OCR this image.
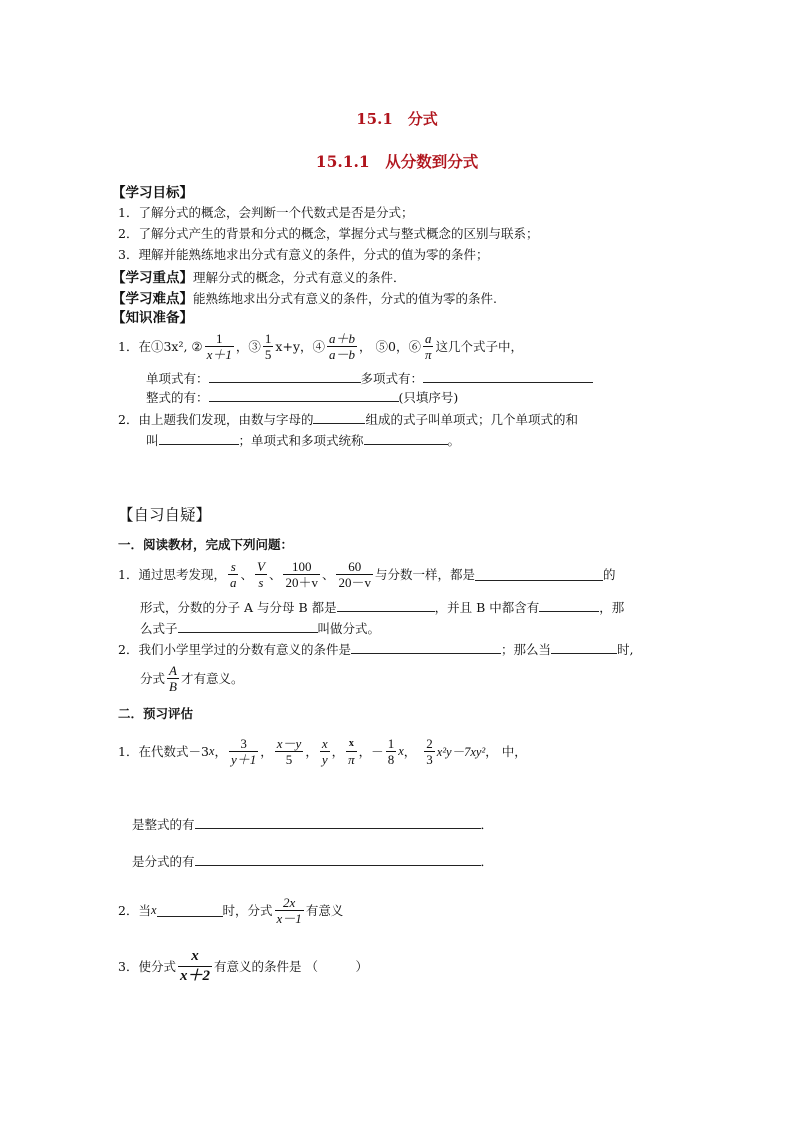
15.1　分式
15.1.1　从分数到分式
【学习目标】
1．了解分式的概念，会判断一个代数式是否是分式；
2．了解分式产生的背景和分式的概念，掌握分式与整式概念的区别与联系；
3．理解并能熟练地求出分式有意义的条件，分式的值为零的条件；
【学习重点】理解分式的概念，分式有意义的条件．
【学习难点】能熟练地求出分式有意义的条件，分式的值为零的条件.
【知识准备】
1．在①3x², ② $\frac{1}{x+1}$ ，③ $\frac{1}{5} x+y$，④ $\frac{a+b}{a-b}$ ， ⑤0，⑥ $\frac{a}{\pi}$ 这几个式子中，
单项式有：	多项式有：
整式的有：	(只填序号)
2．由上题我们发现，由数与字母的	组成的式子叫单项式；几个单项式的和
叫	；单项式和多项式统称	。
【自习自疑】
一．阅读教材，完成下列问题：
1．通过思考发现， $\frac{s}{a}$ 、 $\frac{V}{s}$ 、 $\frac{100}{20+v}$ 、 $\frac{60}{20-v}$ 与分数一样，都是	的
形式，分数的分子 A 与分母 B 都是	，并且 B 中都含有	，那
么式子	叫做分式。
2．我们小学里学过的分数有意义的条件是	；那么当	时,
分式 $\frac{A}{B}$ 才有意义。
二．预习评估
1．在代数式－3 x ， $\frac{3}{y+1}$ ， $\frac{x-y}{5}$ ， $\frac{x}{y}$ ， $\frac{x}{\pi}$ ， － $\frac{1}{8}$ x ， $\frac{2}{3} x^2y-7xy^2$ ， 中，
是整式的有	．
是分式的有	．
2．当 x	时，分式 $\frac{2x}{x-1}$ 有意义
3．使分式 $\frac{x}{x+2}$ 有意义的条件是 （　　　）
